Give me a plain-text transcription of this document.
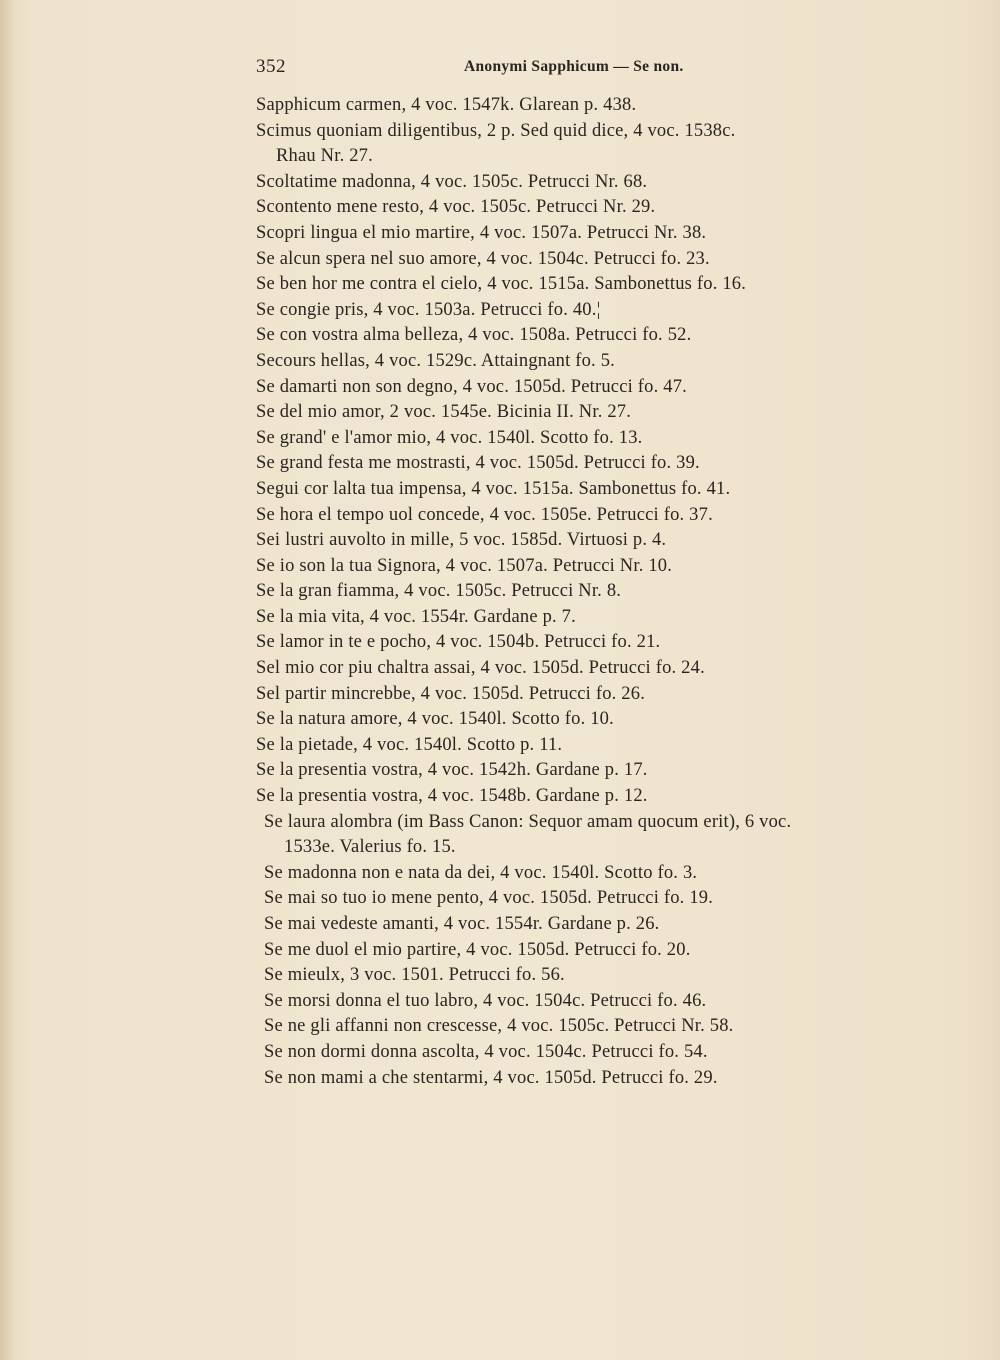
352	Anonymi Sapphicum — Se non.
Sapphicum carmen, 4 voc. 1547k. Glarean p. 438.
Scimus quoniam diligentibus, 2 p. Sed quid dice, 4 voc. 1538c.
Rhau Nr. 27.
Scoltatime madonna, 4 voc. 1505c. Petrucci Nr. 68.
Scontento mene resto, 4 voc. 1505c. Petrucci Nr. 29.
Scopri lingua el mio martire, 4 voc. 1507a. Petrucci Nr. 38.
Se alcun spera nel suo amore, 4 voc. 1504c. Petrucci fo. 23.
Se ben hor me contra el cielo, 4 voc. 1515a. Sambonettus fo. 16.
Se congie pris, 4 voc. 1503a. Petrucci fo. 40.¦
Se con vostra alma belleza, 4 voc. 1508a. Petrucci fo. 52.
Secours hellas, 4 voc. 1529c. Attaingnant fo. 5.
Se damarti non son degno, 4 voc. 1505d. Petrucci fo. 47.
Se del mio amor, 2 voc. 1545e. Bicinia II. Nr. 27.
Se grand' e l'amor mio, 4 voc. 1540l. Scotto fo. 13.
Se grand festa me mostrasti, 4 voc. 1505d. Petrucci fo. 39.
Segui cor lalta tua impensa, 4 voc. 1515a. Sambonettus fo. 41.
Se hora el tempo uol concede, 4 voc. 1505e. Petrucci fo. 37.
Sei lustri auvolto in mille, 5 voc. 1585d. Virtuosi p. 4.
Se io son la tua Signora, 4 voc. 1507a. Petrucci Nr. 10.
Se la gran fiamma, 4 voc. 1505c. Petrucci Nr. 8.
Se la mia vita, 4 voc. 1554r. Gardane p. 7.
Se lamor in te e pocho, 4 voc. 1504b. Petrucci fo. 21.
Sel mio cor piu chaltra assai, 4 voc. 1505d. Petrucci fo. 24.
Sel partir mincrebbe, 4 voc. 1505d. Petrucci fo. 26.
Se la natura amore, 4 voc. 1540l. Scotto fo. 10.
Se la pietade, 4 voc. 1540l. Scotto p. 11.
Se la presentia vostra, 4 voc. 1542h. Gardane p. 17.
Se la presentia vostra, 4 voc. 1548b. Gardane p. 12.
Se laura alombra (im Bass Canon: Sequor amam quocum erit), 6 voc.
1533e. Valerius fo. 15.
Se madonna non e nata da dei, 4 voc. 1540l. Scotto fo. 3.
Se mai so tuo io mene pento, 4 voc. 1505d. Petrucci fo. 19.
Se mai vedeste amanti, 4 voc. 1554r. Gardane p. 26.
Se me duol el mio partire, 4 voc. 1505d. Petrucci fo. 20.
Se mieulx, 3 voc. 1501. Petrucci fo. 56.
Se morsi donna el tuo labro, 4 voc. 1504c. Petrucci fo. 46.
Se ne gli affanni non crescesse, 4 voc. 1505c. Petrucci Nr. 58.
Se non dormi donna ascolta, 4 voc. 1504c. Petrucci fo. 54.
Se non mami a che stentarmi, 4 voc. 1505d. Petrucci fo. 29.
